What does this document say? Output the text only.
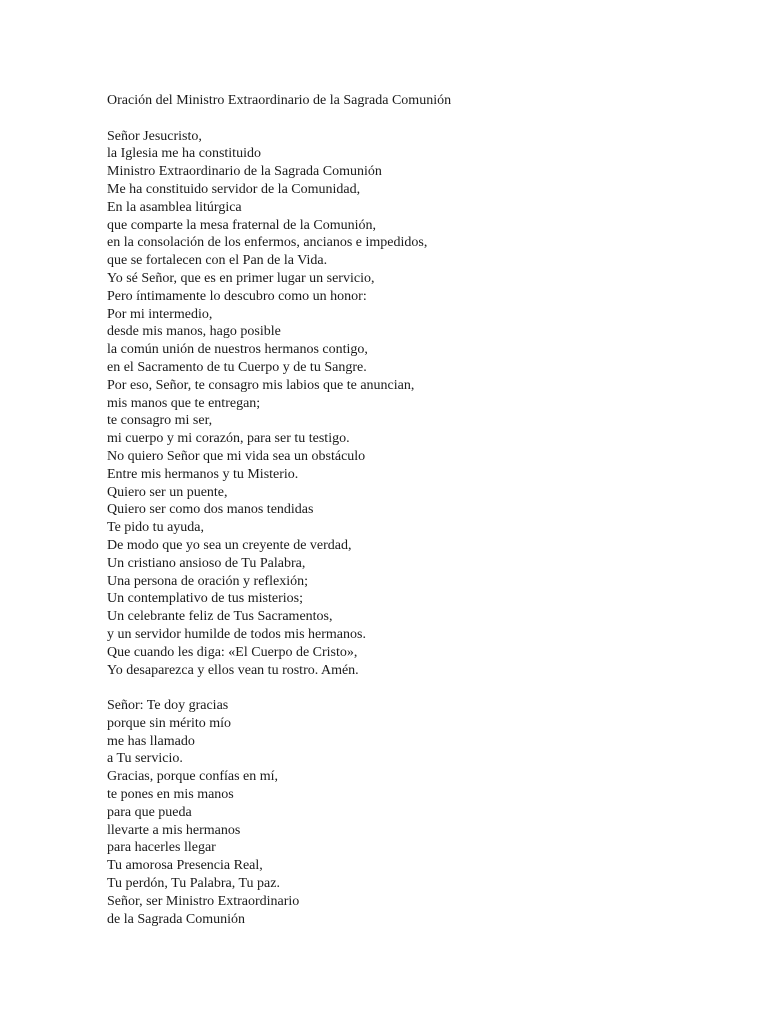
Oración del Ministro Extraordinario de la Sagrada Comunión
Señor Jesucristo,
la Iglesia me ha constituido
Ministro Extraordinario de la Sagrada Comunión
Me ha constituido servidor de la Comunidad,
En la asamblea litúrgica
que comparte la mesa fraternal de la Comunión,
en la consolación de los enfermos, ancianos e impedidos,
que se fortalecen con el Pan de la Vida.
Yo sé Señor, que es en primer lugar un servicio,
Pero íntimamente lo descubro como un honor:
Por mi intermedio,
desde mis manos, hago posible
la común unión de nuestros hermanos contigo,
en el Sacramento de tu Cuerpo y de tu Sangre.
Por eso, Señor, te consagro mis labios que te anuncian,
mis manos que te entregan;
te consagro mi ser,
mi cuerpo y mi corazón, para ser tu testigo.
No quiero Señor que mi vida sea un obstáculo
Entre mis hermanos y tu Misterio.
Quiero ser un puente,
Quiero ser como dos manos tendidas
Te pido tu ayuda,
De modo que yo sea un creyente de verdad,
Un cristiano ansioso de Tu Palabra,
Una persona de oración y reflexión;
Un contemplativo de tus misterios;
Un celebrante feliz de Tus Sacramentos,
y un servidor humilde de todos mis hermanos.
Que cuando les diga: «El Cuerpo de Cristo»,
Yo desaparezca y ellos vean tu rostro. Amén.
Señor: Te doy gracias
porque sin mérito mío
me has llamado
a Tu servicio.
Gracias, porque confías en mí,
te pones en mis manos
para que pueda
llevarte a mis hermanos
para hacerles llegar
Tu amorosa Presencia Real,
Tu perdón, Tu Palabra, Tu paz.
Señor, ser Ministro Extraordinario
de la Sagrada Comunión
